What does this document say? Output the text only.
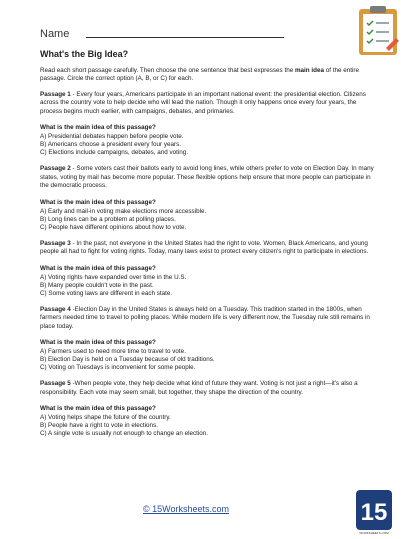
Name
What's the Big Idea?

Read each short passage carefully. Then choose the one sentence that best expresses the main idea of the entire passage. Circle the correct option (A, B, or C) for each.

Passage 1 - Every four years, Americans participate in an important national event: the presidential election. Citizens across the country vote to help decide who will lead the nation. Though it only happens once every four years, the process begins much earlier, with campaigns, debates, and primaries.

What is the main idea of this passage?

A) Presidential debates happen before people vote.

B) Americans choose a president every four years.

C) Elections include campaigns, debates, and voting.

Passage 2 - Some voters cast their ballots early to avoid long lines, while others prefer to vote on Election Day. In many states, voting by mail has become more popular. These flexible options help ensure that more people can participate in the democratic process.

What is the main idea of this passage?

A) Early and mail-in voting make elections more accessible.

B) Long lines can be a problem at polling places.

C) People have different opinions about how to vote.

Passage 3 - In the past, not everyone in the United States had the right to vote. Women, Black Americans, and young people all had to fight for voting rights. Today, many laws exist to protect every citizen's right to participate in elections.

What is the main idea of this passage?

A) Voting rights have expanded over time in the U.S.

B) Many people couldn't vote in the past.

C) Some voting laws are different in each state.

Passage 4 -Election Day in the United States is always held on a Tuesday. This tradition started in the 1800s, when farmers needed time to travel to polling places. While modern life is very different now, the Tuesday rule still remains in place today.

What is the main idea of this passage?

A) Farmers used to need more time to travel to vote.

B) Election Day is held on a Tuesday because of old traditions.

C) Voting on Tuesdays is inconvenient for some people.

Passage 5 -When people vote, they help decide what kind of future they want. Voting is not just a right—it's also a responsibility. Each vote may seem small, but together, they shape the direction of the country.

What is the main idea of this passage?

A) Voting helps shape the future of the country.

B) People have a right to vote in elections.

C) A single vote is usually not enough to change an election.

© 15Worksheets.com	15
WORKSHEETS.COM
